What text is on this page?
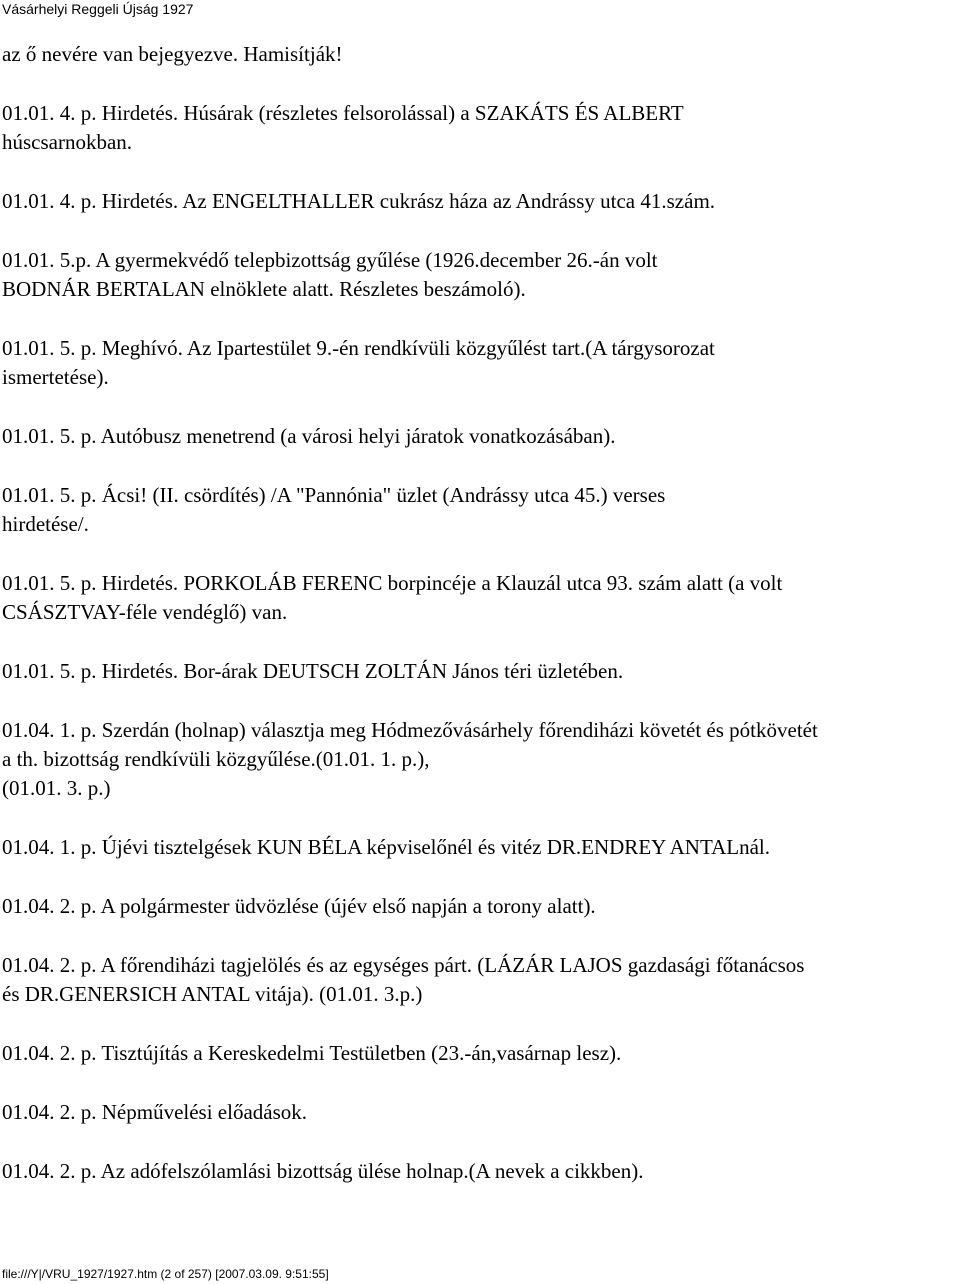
Vásárhelyi Reggeli Újság 1927
az ő nevére van bejegyezve. Hamisítják!
01.01. 4. p. Hirdetés. Húsárak (részletes felsorolással) a SZAKÁTS ÉS ALBERT
húscsarnokban.
01.01. 4. p. Hirdetés. Az ENGELTHALLER cukrász háza az Andrássy utca 41.szám.
01.01. 5.p. A gyermekvédő telepbizottság gyűlése (1926.december 26.-án volt
BODNÁR BERTALAN elnöklete alatt. Részletes beszámoló).
01.01. 5. p. Meghívó. Az Ipartestület 9.-én rendkívüli közgyűlést tart.(A tárgysorozat
ismertetése).
01.01. 5. p. Autóbusz menetrend (a városi helyi járatok vonatkozásában).
01.01. 5. p. Ácsi! (II. csördítés) /A "Pannónia" üzlet (Andrássy utca 45.) verses
hirdetése/.
01.01. 5. p. Hirdetés. PORKOLÁB FERENC borpincéje a Klauzál utca 93. szám alatt (a volt
CSÁSZTVAY-féle vendéglő) van.
01.01. 5. p. Hirdetés. Bor-árak DEUTSCH ZOLTÁN János téri üzletében.
01.04. 1. p. Szerdán (holnap) választja meg Hódmezővásárhely főrendiházi követét és pótkövetét
a th. bizottság rendkívüli közgyűlése.(01.01. 1. p.),
(01.01. 3. p.)
01.04. 1. p. Újévi tisztelgések KUN BÉLA képviselőnél és vitéz DR.ENDREY ANTALnál.
01.04. 2. p. A polgármester üdvözlése (újév első napján a torony alatt).
01.04. 2. p. A főrendiházi tagjelölés és az egységes párt. (LÁZÁR LAJOS gazdasági főtanácsos
és DR.GENERSICH ANTAL vitája). (01.01. 3.p.)
01.04. 2. p. Tisztújítás a Kereskedelmi Testületben (23.-án,vasárnap lesz).
01.04. 2. p. Népművelési előadások.
01.04. 2. p. Az adófelszólamlási bizottság ülése holnap.(A nevek a cikkben).
file:///Y|/VRU_1927/1927.htm (2 of 257) [2007.03.09. 9:51:55]
